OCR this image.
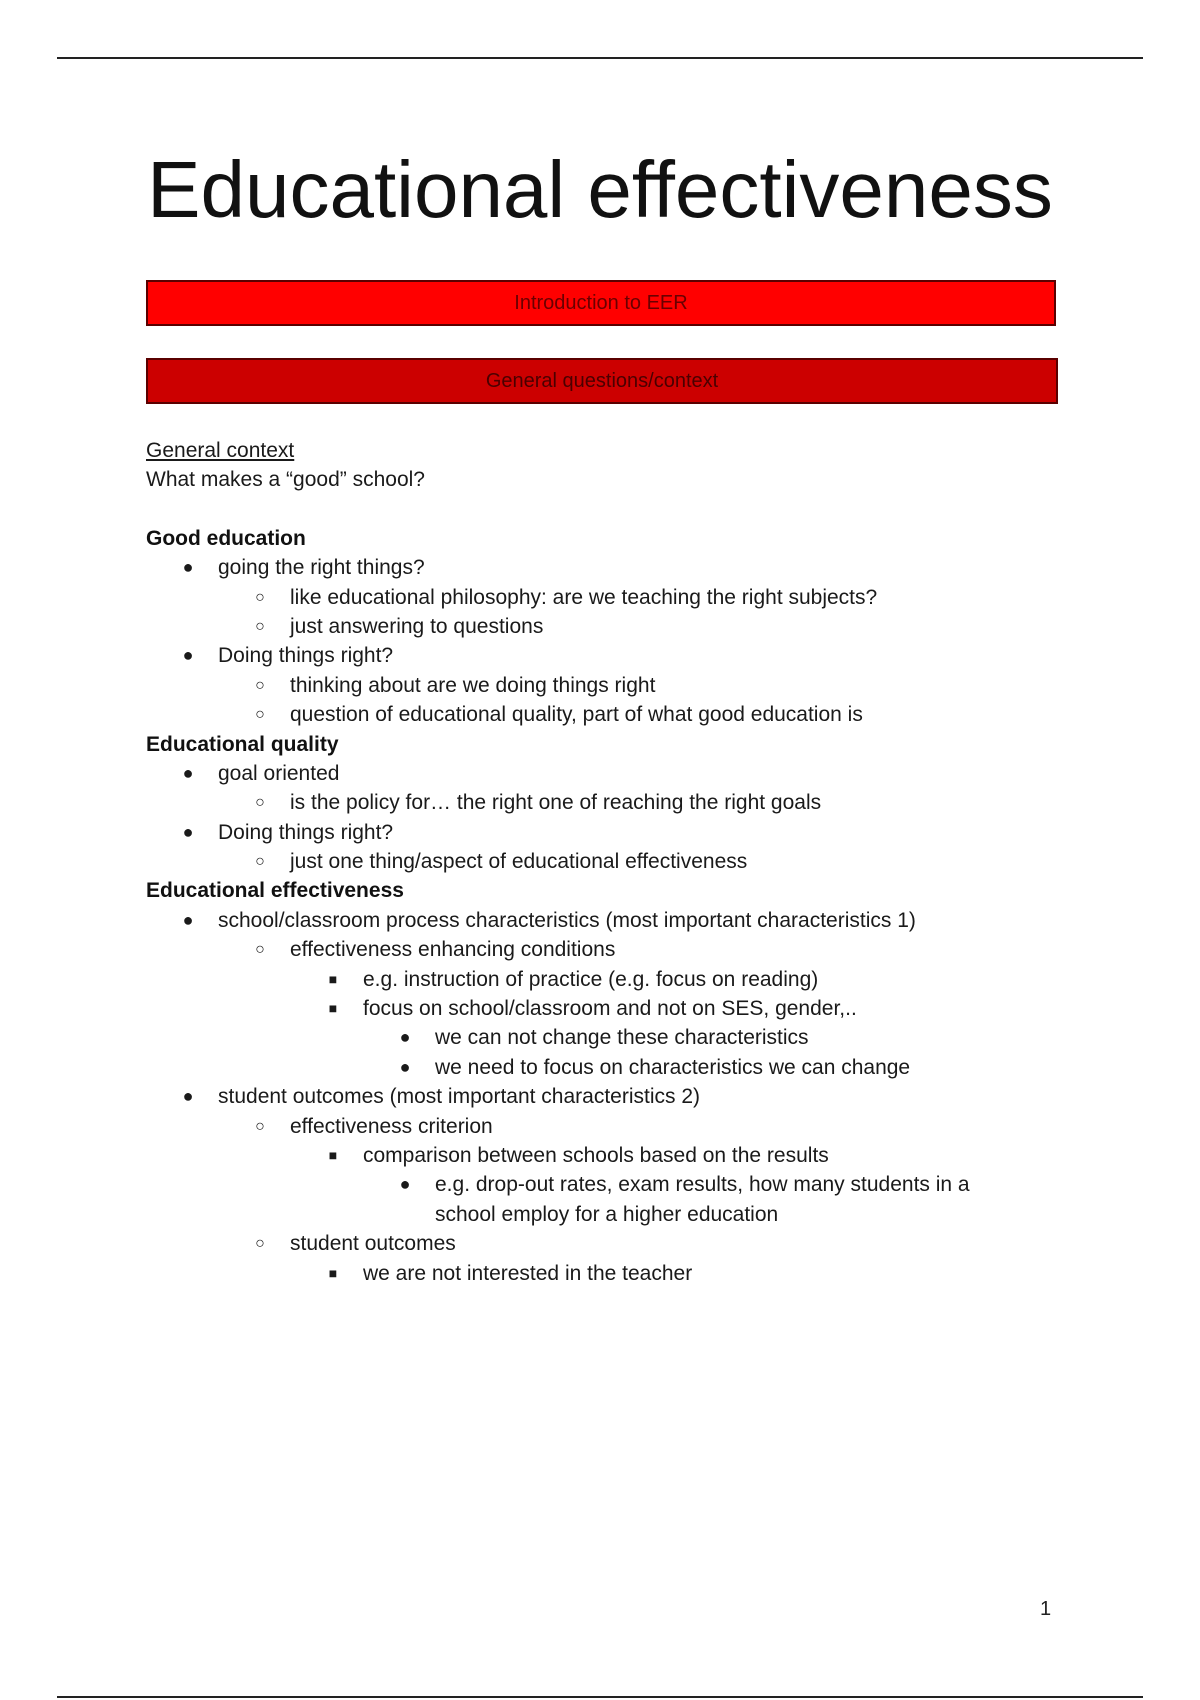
Educational effectiveness
Introduction to EER
General questions/context
General context
What makes a “good” school?
Good education
● going the right things?
○ like educational philosophy: are we teaching the right subjects?
○ just answering to questions
● Doing things right?
○ thinking about are we doing things right
○ question of educational quality, part of what good education is
Educational quality
● goal oriented
○ is the policy for… the right one of reaching the right goals
● Doing things right?
○ just one thing/aspect of educational effectiveness
Educational effectiveness
● school/classroom process characteristics (most important characteristics 1)
○ effectiveness enhancing conditions
■ e.g. instruction of practice (e.g. focus on reading)
■ focus on school/classroom and not on SES, gender,..
● we can not change these characteristics
● we need to focus on characteristics we can change
● student outcomes (most important characteristics 2)
○ effectiveness criterion
■ comparison between schools based on the results
● e.g. drop-out rates, exam results, how many students in a
school employ for a higher education
○ student outcomes
■ we are not interested in the teacher
1
